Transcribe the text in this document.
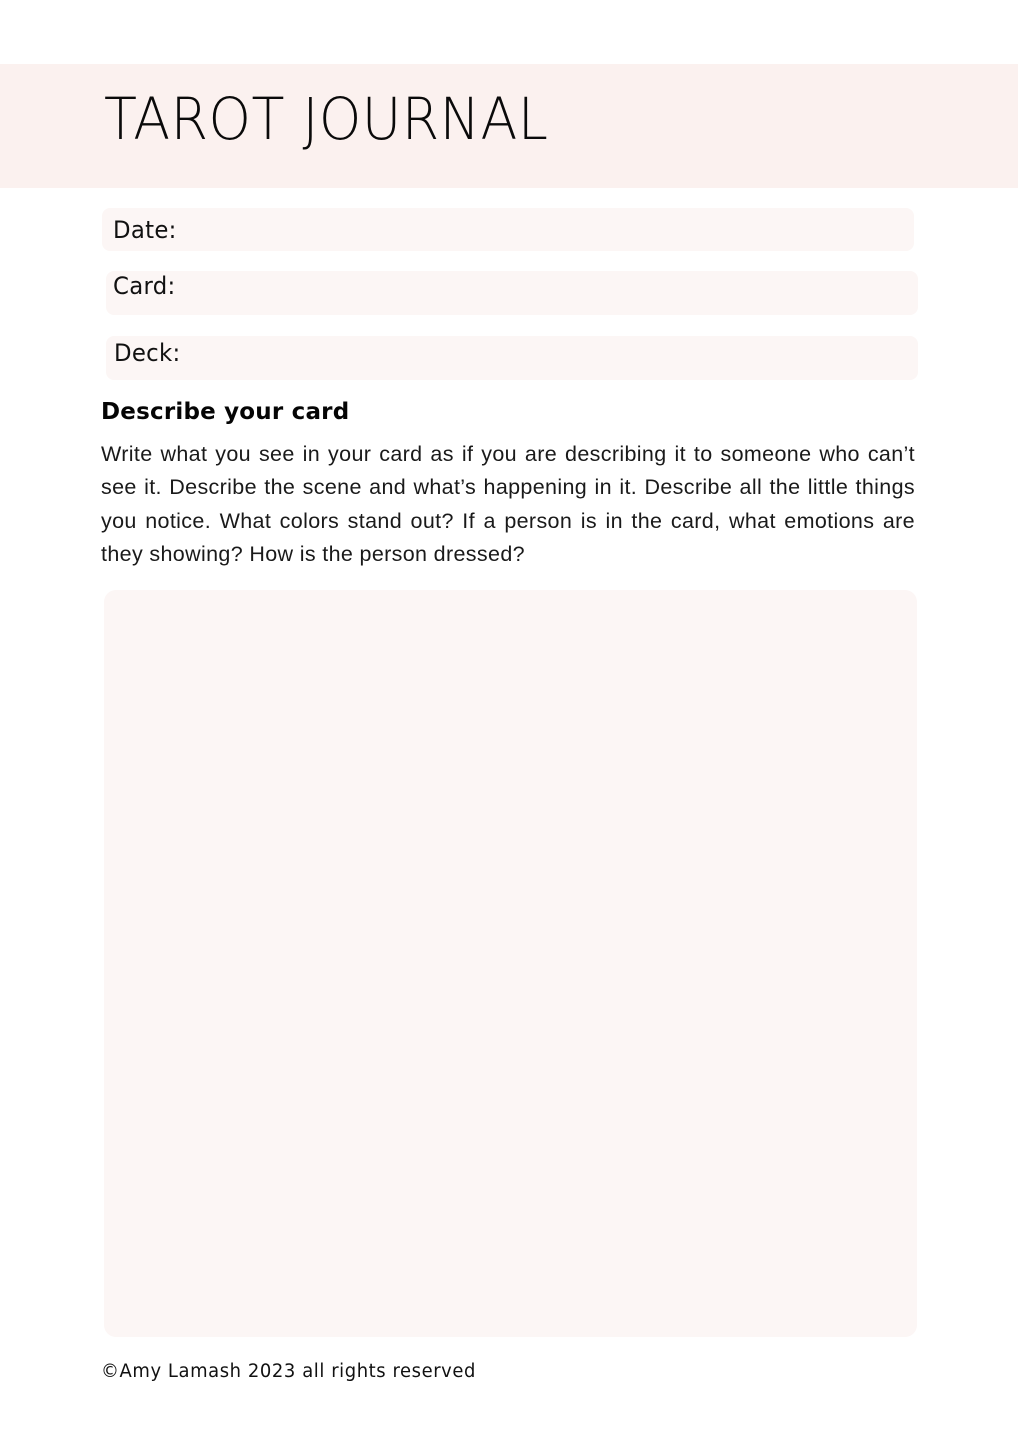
TAROT JOURNAL
Date:
Card:
Deck:
Describe your card

Write what you see in your card as if you are describing it to someone who can’t see it. Describe the scene and what’s happening in it. Describe all the little things you notice. What colors stand out? If a person is in the card, what emotions are they showing? How is the person dressed?

©Amy Lamash 2023 all rights reserved
